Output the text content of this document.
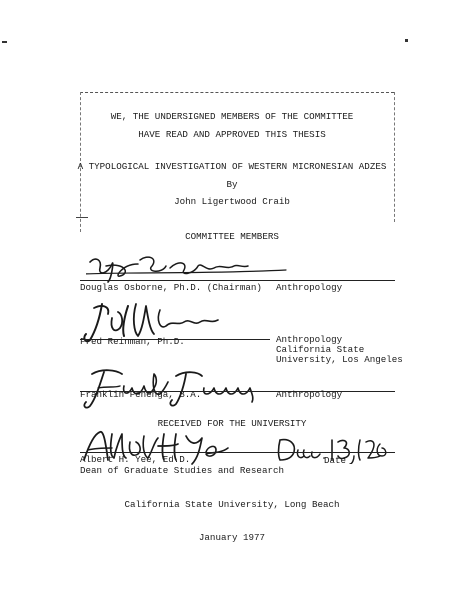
WE, THE UNDERSIGNED MEMBERS OF THE COMMITTEE
HAVE READ AND APPROVED THIS THESIS
A TYPOLOGICAL INVESTIGATION OF WESTERN MICRONESIAN ADZES
By
John Ligertwood Craib
COMMITTEE MEMBERS
Douglas Osborne, Ph.D. (Chairman) Anthropology
Fred Reinman, Ph.D.	Anthropology
California State
University, Los Angeles
Franklin Fenenga, B.A.	Anthropology
RECEIVED FOR THE UNIVERSITY
Albert H. Yee, Ed.D.	Date
Dean of Graduate Studies and Research
California State University, Long Beach
January 1977
